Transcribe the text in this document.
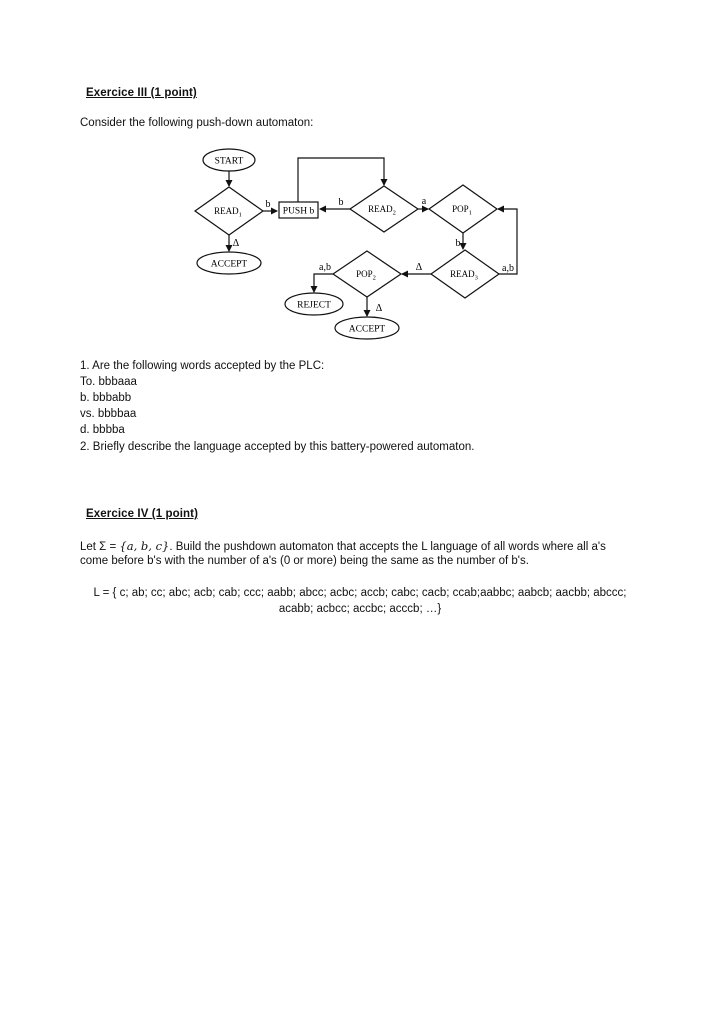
Exercice III (1 point)
Consider the following push-down automaton:
START
$READ_1$
b
PUSH b	$READ_2$
b	a
$POP_1$
Δ
ACCEPT
b
$READ_3$
a,b
Δ
$POP_2$
a,b
REJECT	Δ
ACCEPT
1. Are the following words accepted by the PLC:
To. bbbaaa
b. bbbabb
vs. bbbbaa
d. bbbba
2. Briefly describe the language accepted by this battery-powered automaton.
Exercice IV (1 point)
Let Σ = {a, b, c}. Build the pushdown automaton that accepts the L language of all words where all a's
come before b's with the number of a's (0 or more) being the same as the number of b's.
L = { c; ab; cc; abc; acb; cab; ccc; aabb; abcc; acbc; accb; cabc; cacb; ccab;aabbc; aabcb; aacbb; abccc;
acabb; acbcc; accbc; acccb; …}
